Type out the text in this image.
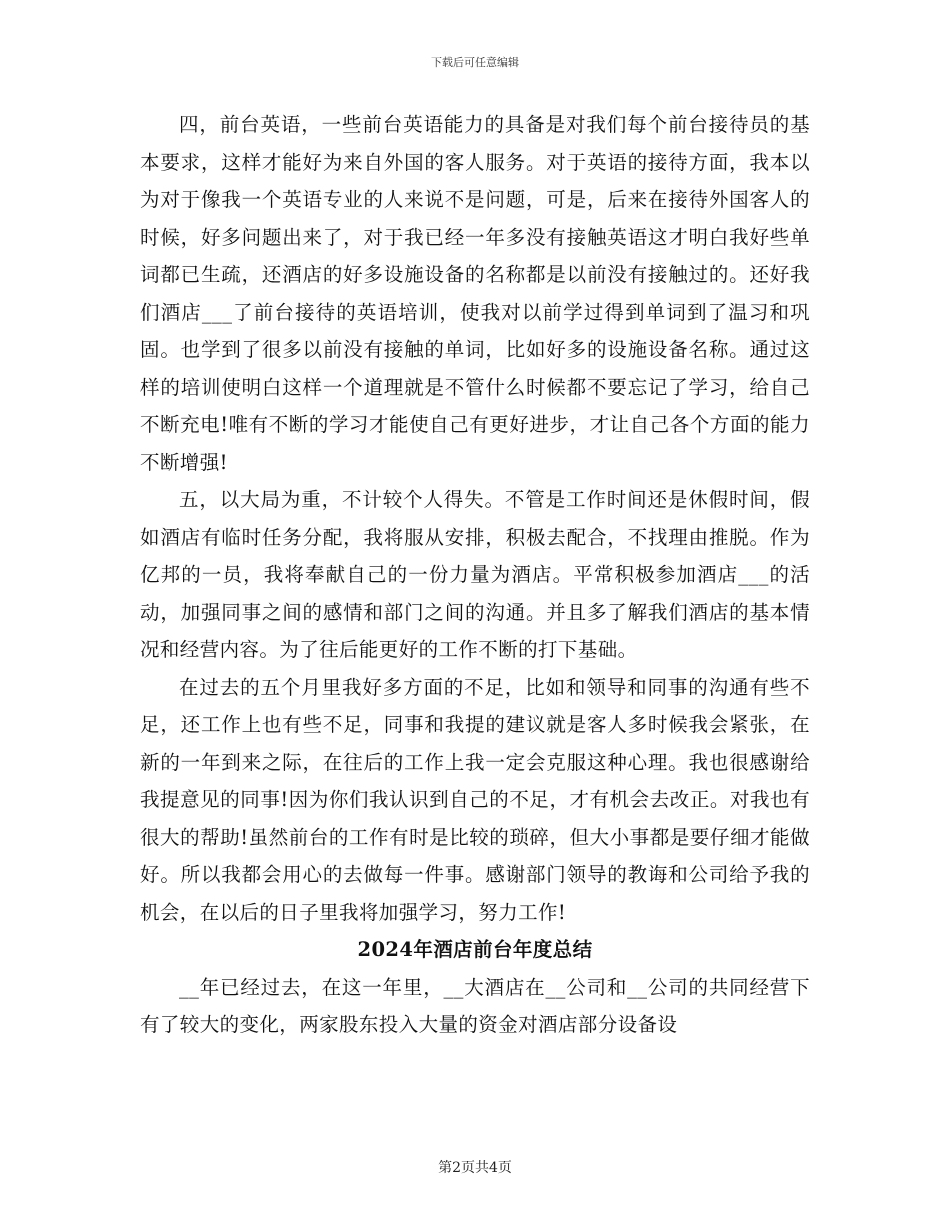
下载后可任意编辑

四，前台英语，一些前台英语能力的具备是对我们每个前台接待员的基本要求，这样才能好为来自外国的客人服务。对于英语的接待方面，我本以为对于像我一个英语专业的人来说不是问题，可是，后来在接待外国客人的时候，好多问题出来了，对于我已经一年多没有接触英语这才明白我好些单词都已生疏，还酒店的好多设施设备的名称都是以前没有接触过的。还好我们酒店___了前台接待的英语培训，使我对以前学过得到单词到了温习和巩固。也学到了很多以前没有接触的单词，比如好多的设施设备名称。通过这样的培训使明白这样一个道理就是不管什么时候都不要忘记了学习，给自己不断充电!唯有不断的学习才能使自己有更好进步，才让自己各个方面的能力不断增强!

五，以大局为重，不计较个人得失。不管是工作时间还是休假时间，假如酒店有临时任务分配，我将服从安排，积极去配合，不找理由推脱。作为亿邦的一员，我将奉献自己的一份力量为酒店。平常积极参加酒店___的活动，加强同事之间的感情和部门之间的沟通。并且多了解我们酒店的基本情况和经营内容。为了往后能更好的工作不断的打下基础。

在过去的五个月里我好多方面的不足，比如和领导和同事的沟通有些不足，还工作上也有些不足，同事和我提的建议就是客人多时候我会紧张，在新的一年到来之际，在往后的工作上我一定会克服这种心理。我也很感谢给我提意见的同事!因为你们我认识到自己的不足，才有机会去改正。对我也有很大的帮助!虽然前台的工作有时是比较的琐碎，但大小事都是要仔细才能做好。所以我都会用心的去做每一件事。感谢部门领导的教诲和公司给予我的机会，在以后的日子里我将加强学习，努力工作!

2024年酒店前台年度总结

__年已经过去，在这一年里，__大酒店在__公司和__公司的共同经营下有了较大的变化，两家股东投入大量的资金对酒店部分设备设

第2页共4页
